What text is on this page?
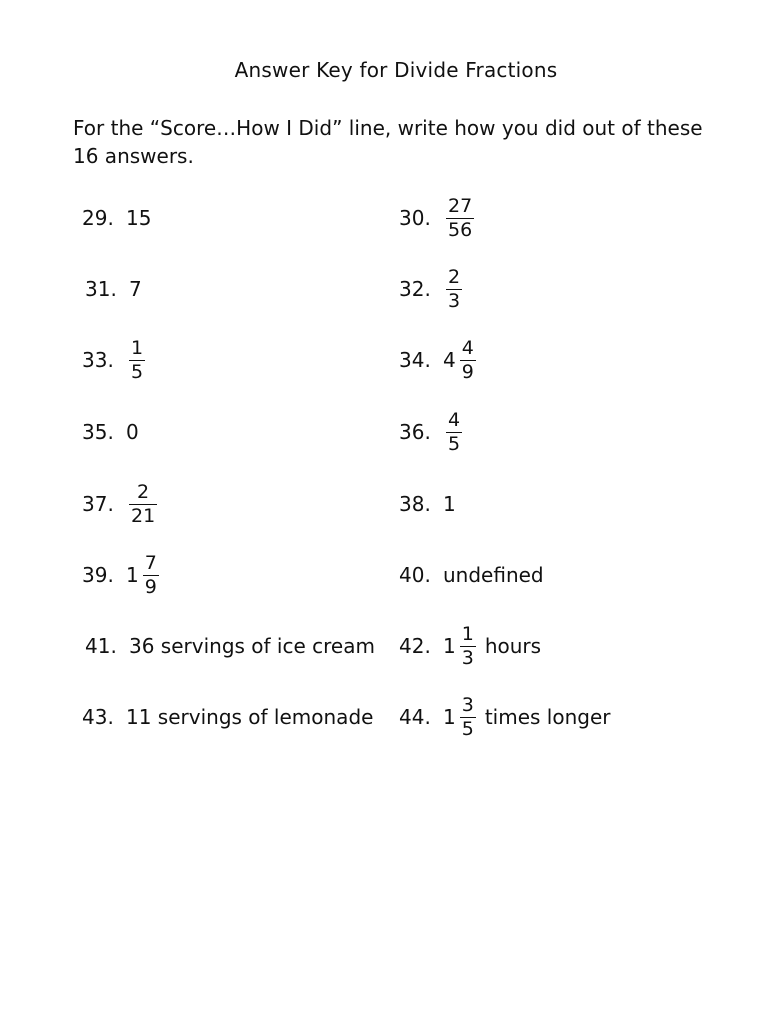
Answer Key for Divide Fractions
For the “Score…How I Did” line, write how you did out of these 16 answers.
29. 15	30. $\frac{27}{56}$
31. 7	32. $\frac{2}{3}$
33. $\frac{1}{5}$	34. $4 \frac{4}{9}$
35. 0	36. $\frac{4}{5}$
37. $\frac{2}{21}$	38. 1
39. $1 \frac{7}{9}$	40. undefined
41. 36 servings of ice cream 42. $1 \frac{1}{3}$ hours
43. 11 servings of lemonade 44. $1 \frac{3}{5}$ times longer
